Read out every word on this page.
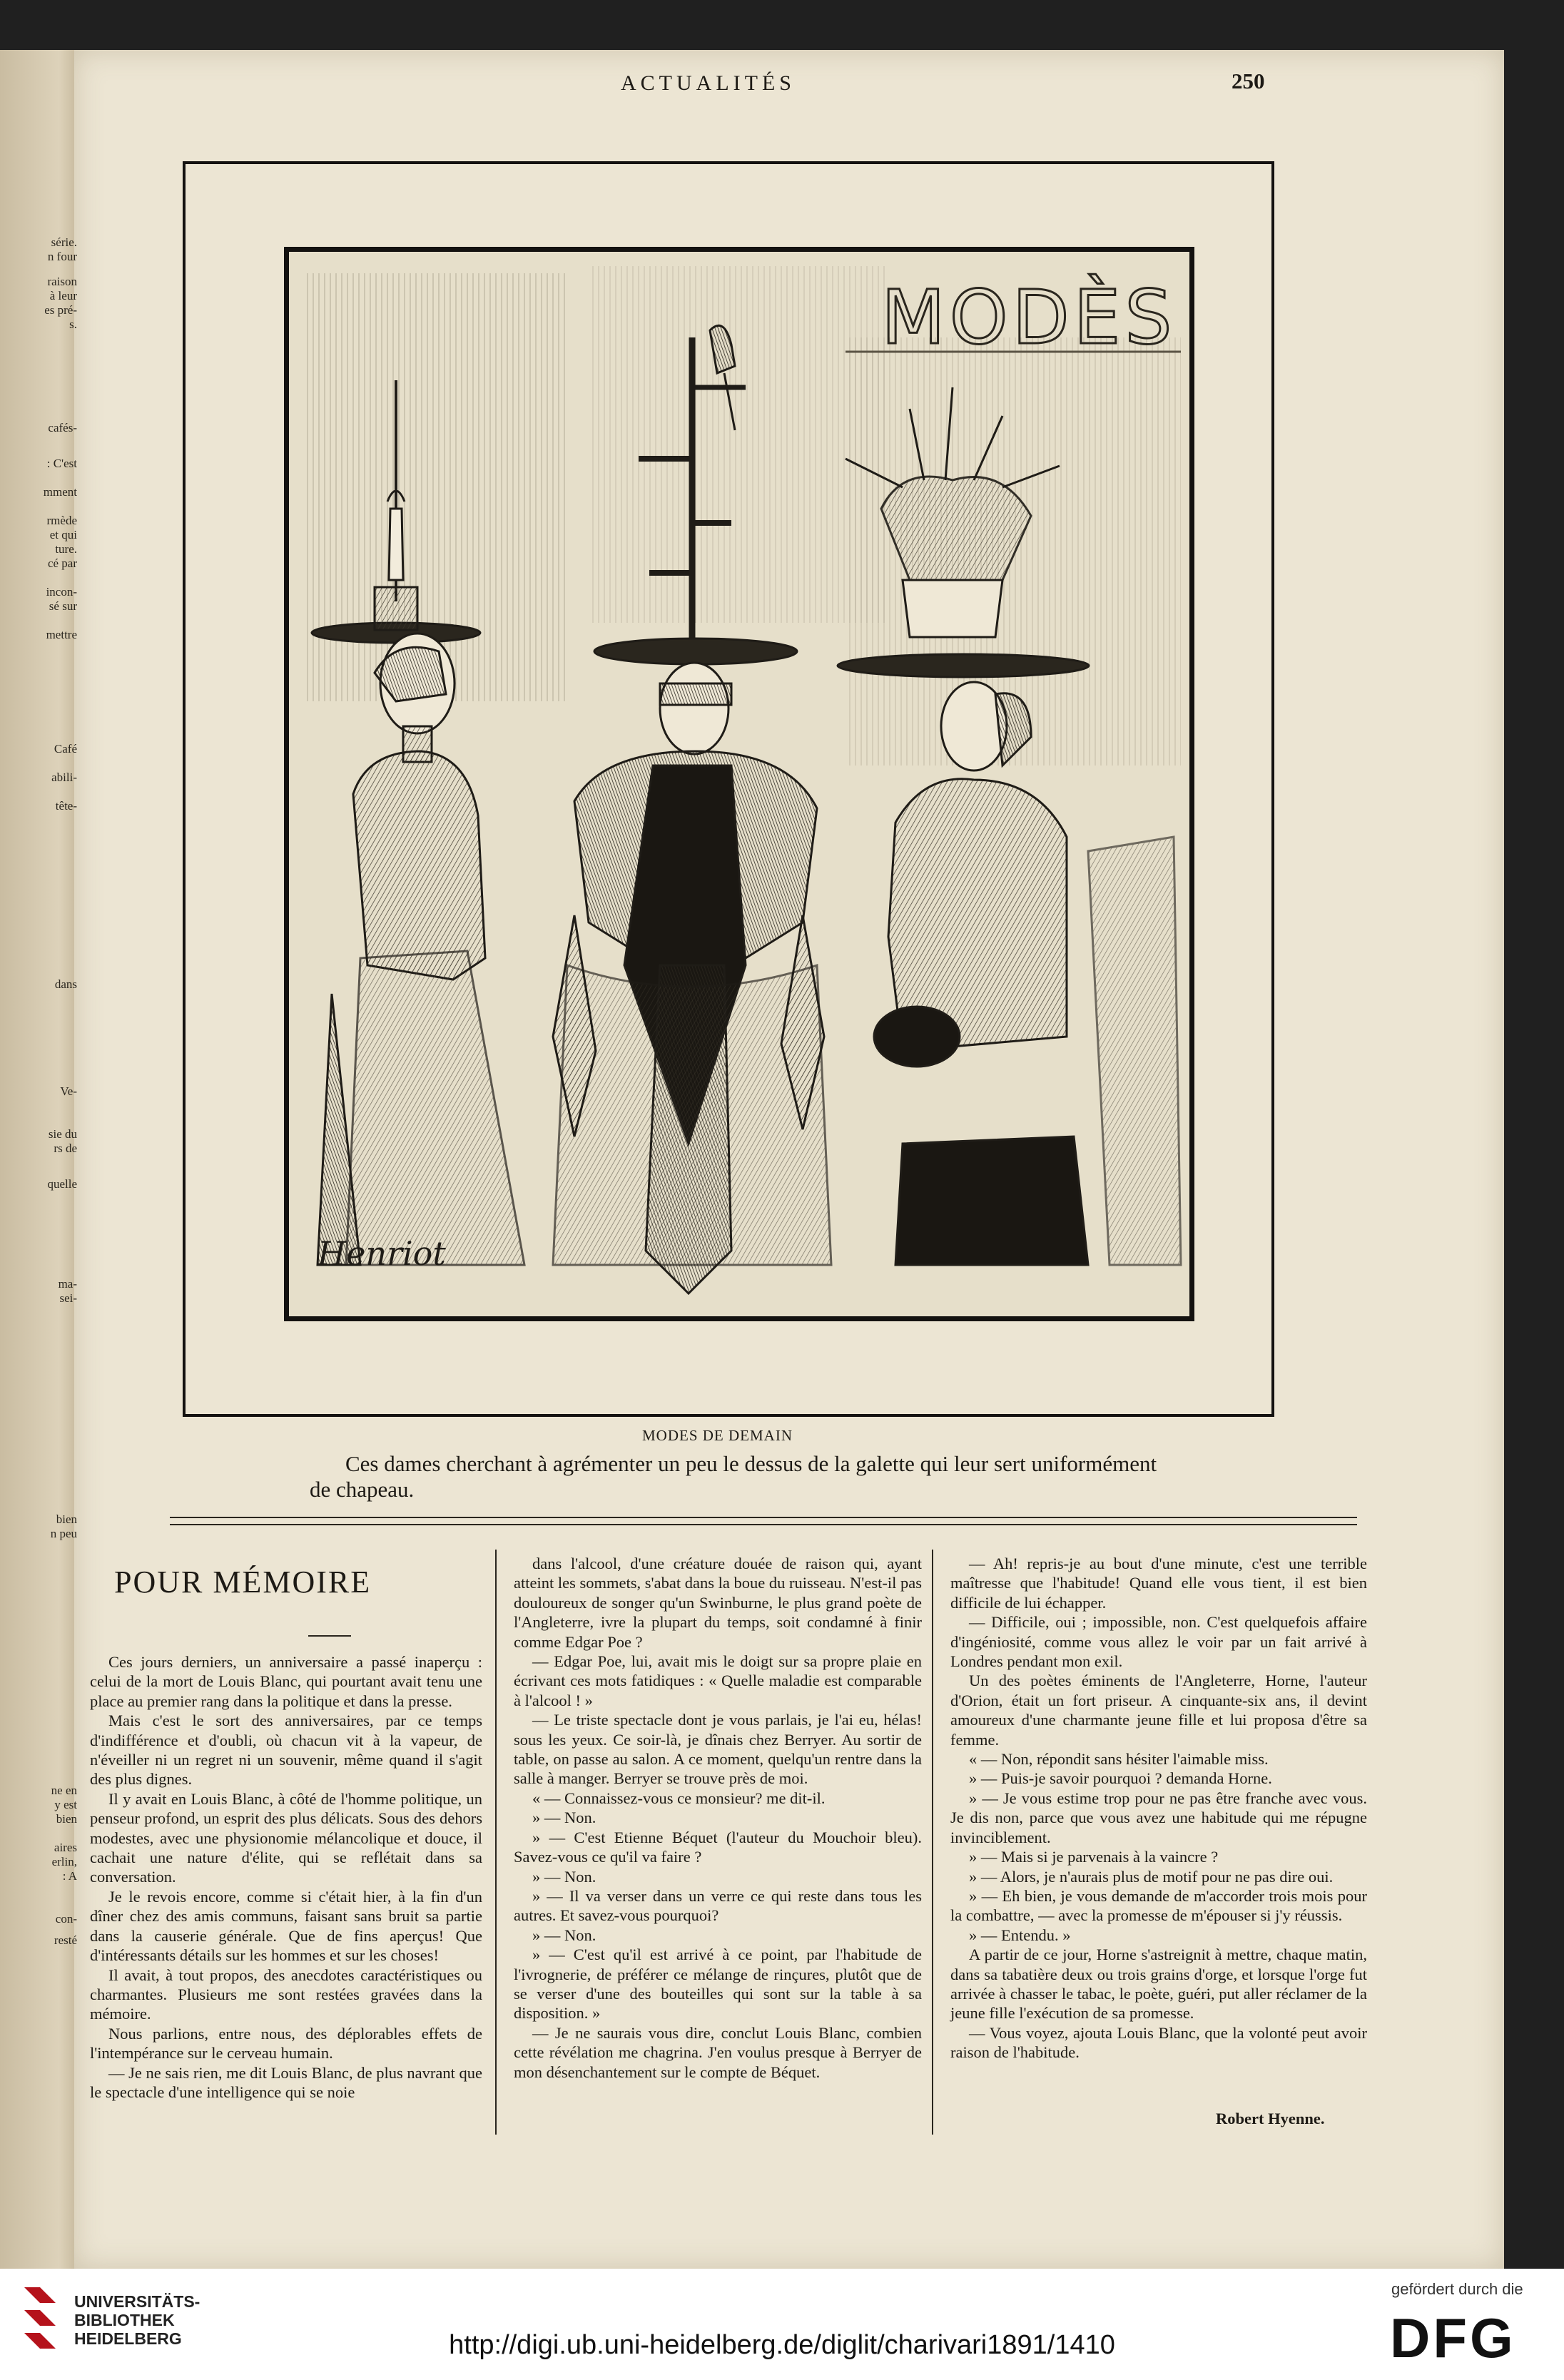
série.
n four
raison
à leur
es pré-
s.
cafés-
: C'est
mment
rmède
et qui
ture.
cé par
incon-
sé sur
mettre
Café
abili-
tête-
dans
Ve-
sie du
rs de
quelle
ma-
sei-
bien
n peu
ne en
y est
bien
aires
erlin,
: A
con-
resté
ACTUALITÉS	250
MODÈS
Henriot
MODES DE DEMAIN
Ces dames cherchant à agrémenter un peu le dessus de la galette qui leur sert uniformément de chapeau.
POUR MÉMOIRE

Ces jours derniers, un anniversaire a passé inaperçu : celui de la mort de Louis Blanc, qui pourtant avait tenu une place au premier rang dans la politique et dans la presse.

Mais c'est le sort des anniversaires, par ce temps d'indifférence et d'oubli, où chacun vit à la vapeur, de n'éveiller ni un regret ni un souvenir, même quand il s'agit des plus dignes.

Il y avait en Louis Blanc, à côté de l'homme politique, un penseur profond, un esprit des plus délicats. Sous des dehors modestes, avec une physionomie mélancolique et douce, il cachait une nature d'élite, qui se reflétait dans sa conversation.

Je le revois encore, comme si c'était hier, à la fin d'un dîner chez des amis communs, faisant sans bruit sa partie dans la causerie générale. Que de fins aperçus! Que d'intéressants détails sur les hommes et sur les choses!

Il avait, à tout propos, des anecdotes caractéristiques ou charmantes. Plusieurs me sont restées gravées dans la mémoire.

Nous parlions, entre nous, des déplorables effets de l'intempérance sur le cerveau humain.

— Je ne sais rien, me dit Louis Blanc, de plus navrant que le spectacle d'une intelligence qui se noie

dans l'alcool, d'une créature douée de raison qui, ayant atteint les sommets, s'abat dans la boue du ruisseau. N'est-il pas douloureux de songer qu'un Swinburne, le plus grand poète de l'Angleterre, ivre la plupart du temps, soit condamné à finir comme Edgar Poe ?

— Edgar Poe, lui, avait mis le doigt sur sa propre plaie en écrivant ces mots fatidiques : « Quelle maladie est comparable à l'alcool ! »

— Le triste spectacle dont je vous parlais, je l'ai eu, hélas! sous les yeux. Ce soir-là, je dînais chez Berryer. Au sortir de table, on passe au salon. A ce moment, quelqu'un rentre dans la salle à manger. Berryer se trouve près de moi.

« — Connaissez-vous ce monsieur? me dit-il.

» — Non.

» — C'est Etienne Béquet (l'auteur du Mouchoir bleu). Savez-vous ce qu'il va faire ?

» — Non.

» — Il va verser dans un verre ce qui reste dans tous les autres. Et savez-vous pourquoi?

» — Non.

» — C'est qu'il est arrivé à ce point, par l'habitude de l'ivrognerie, de préférer ce mélange de rinçures, plutôt que de se verser d'une des bouteilles qui sont sur la table à sa disposition. »

— Je ne saurais vous dire, conclut Louis Blanc, combien cette révélation me chagrina. J'en voulus presque à Berryer de mon désenchantement sur le compte de Béquet.

— Ah! repris-je au bout d'une minute, c'est une terrible maîtresse que l'habitude! Quand elle vous tient, il est bien difficile de lui échapper.

— Difficile, oui ; impossible, non. C'est quelquefois affaire d'ingéniosité, comme vous allez le voir par un fait arrivé à Londres pendant mon exil.

Un des poètes éminents de l'Angleterre, Horne, l'auteur d'Orion, était un fort priseur. A cinquante-six ans, il devint amoureux d'une charmante jeune fille et lui proposa d'être sa femme.

« — Non, répondit sans hésiter l'aimable miss.

» — Puis-je savoir pourquoi ? demanda Horne.

» — Je vous estime trop pour ne pas être franche avec vous. Je dis non, parce que vous avez une habitude qui me répugne invinciblement.

» — Mais si je parvenais à la vaincre ?

» — Alors, je n'aurais plus de motif pour ne pas dire oui.

» — Eh bien, je vous demande de m'accorder trois mois pour la combattre, — avec la promesse de m'épouser si j'y réussis.

» — Entendu. »

A partir de ce jour, Horne s'astreignit à mettre, chaque matin, dans sa tabatière deux ou trois grains d'orge, et lorsque l'orge fut arrivée à chasser le tabac, le poète, guéri, put aller réclamer de la jeune fille l'exécution de sa promesse.

— Vous voyez, ajouta Louis Blanc, que la volonté peut avoir raison de l'habitude.

Robert Hyenne.
UNIVERSITÄTS-
BIBLIOTHEK
HEIDELBERG	http://digi.ub.uni-heidelberg.de/diglit/charivari1891/1410
gefördert durch die
DFG
